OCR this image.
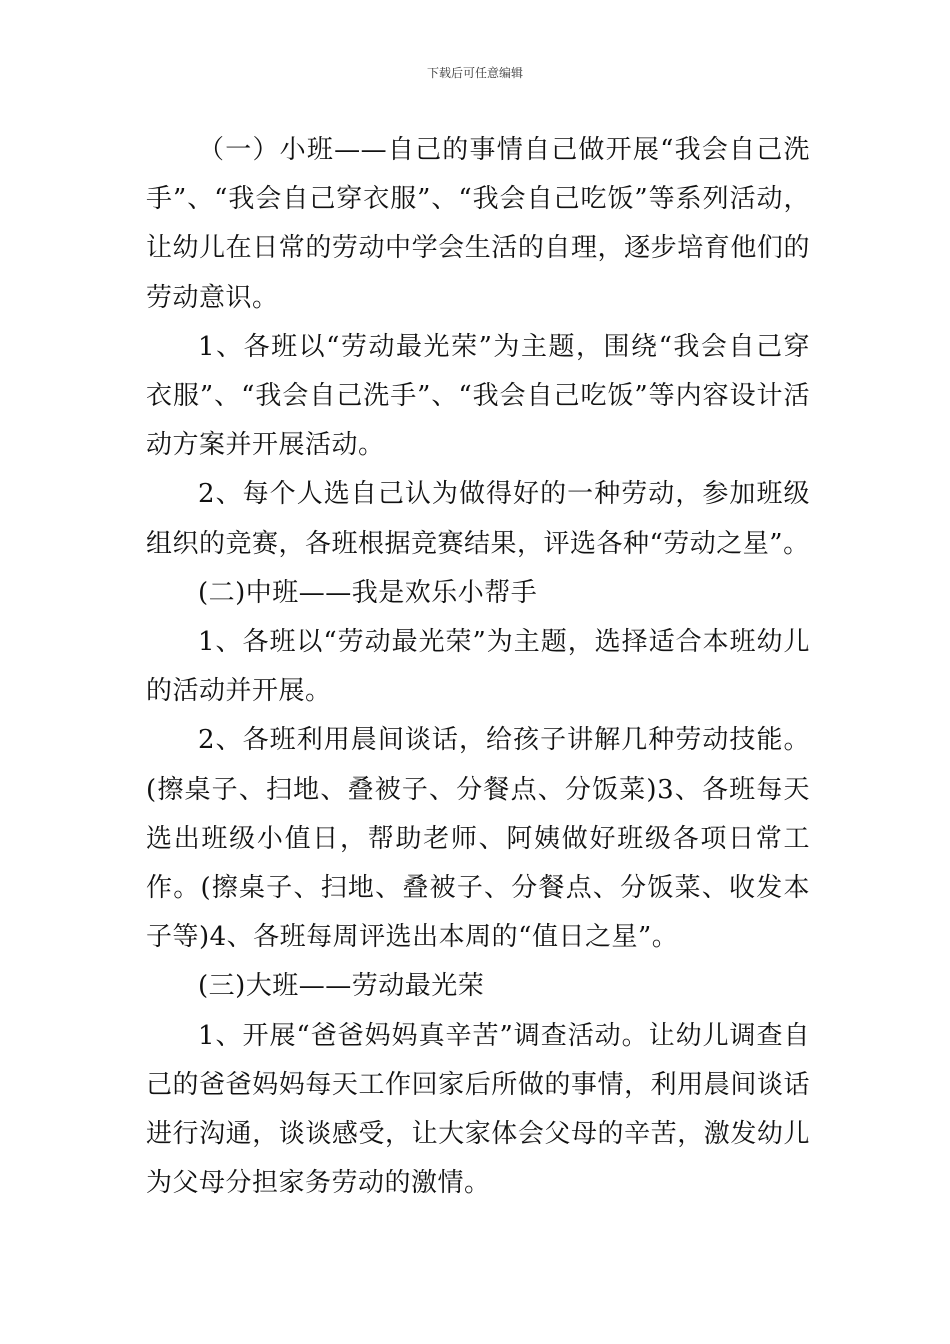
下载后可任意编辑

（一）小班——自己的事情自己做开展“我会自己洗手”、“我会自己穿衣服”、“我会自己吃饭”等系列活动，让幼儿在日常的劳动中学会生活的自理，逐步培育他们的劳动意识。

1、各班以“劳动最光荣”为主题，围绕“我会自己穿衣服”、“我会自己洗手”、“我会自己吃饭”等内容设计活动方案并开展活动。

2、每个人选自己认为做得好的一种劳动，参加班级组织的竞赛，各班根据竞赛结果，评选各种“劳动之星”。

(二)中班——我是欢乐小帮手

1、各班以“劳动最光荣”为主题，选择适合本班幼儿的活动并开展。

2、各班利用晨间谈话，给孩子讲解几种劳动技能。(擦桌子、扫地、叠被子、分餐点、分饭菜)3、各班每天选出班级小值日，帮助老师、阿姨做好班级各项日常工作。(擦桌子、扫地、叠被子、分餐点、分饭菜、收发本子等)4、各班每周评选出本周的“值日之星”。

(三)大班——劳动最光荣

1、开展“爸爸妈妈真辛苦”调查活动。让幼儿调查自己的爸爸妈妈每天工作回家后所做的事情，利用晨间谈话进行沟通，谈谈感受，让大家体会父母的辛苦，激发幼儿为父母分担家务劳动的激情。
